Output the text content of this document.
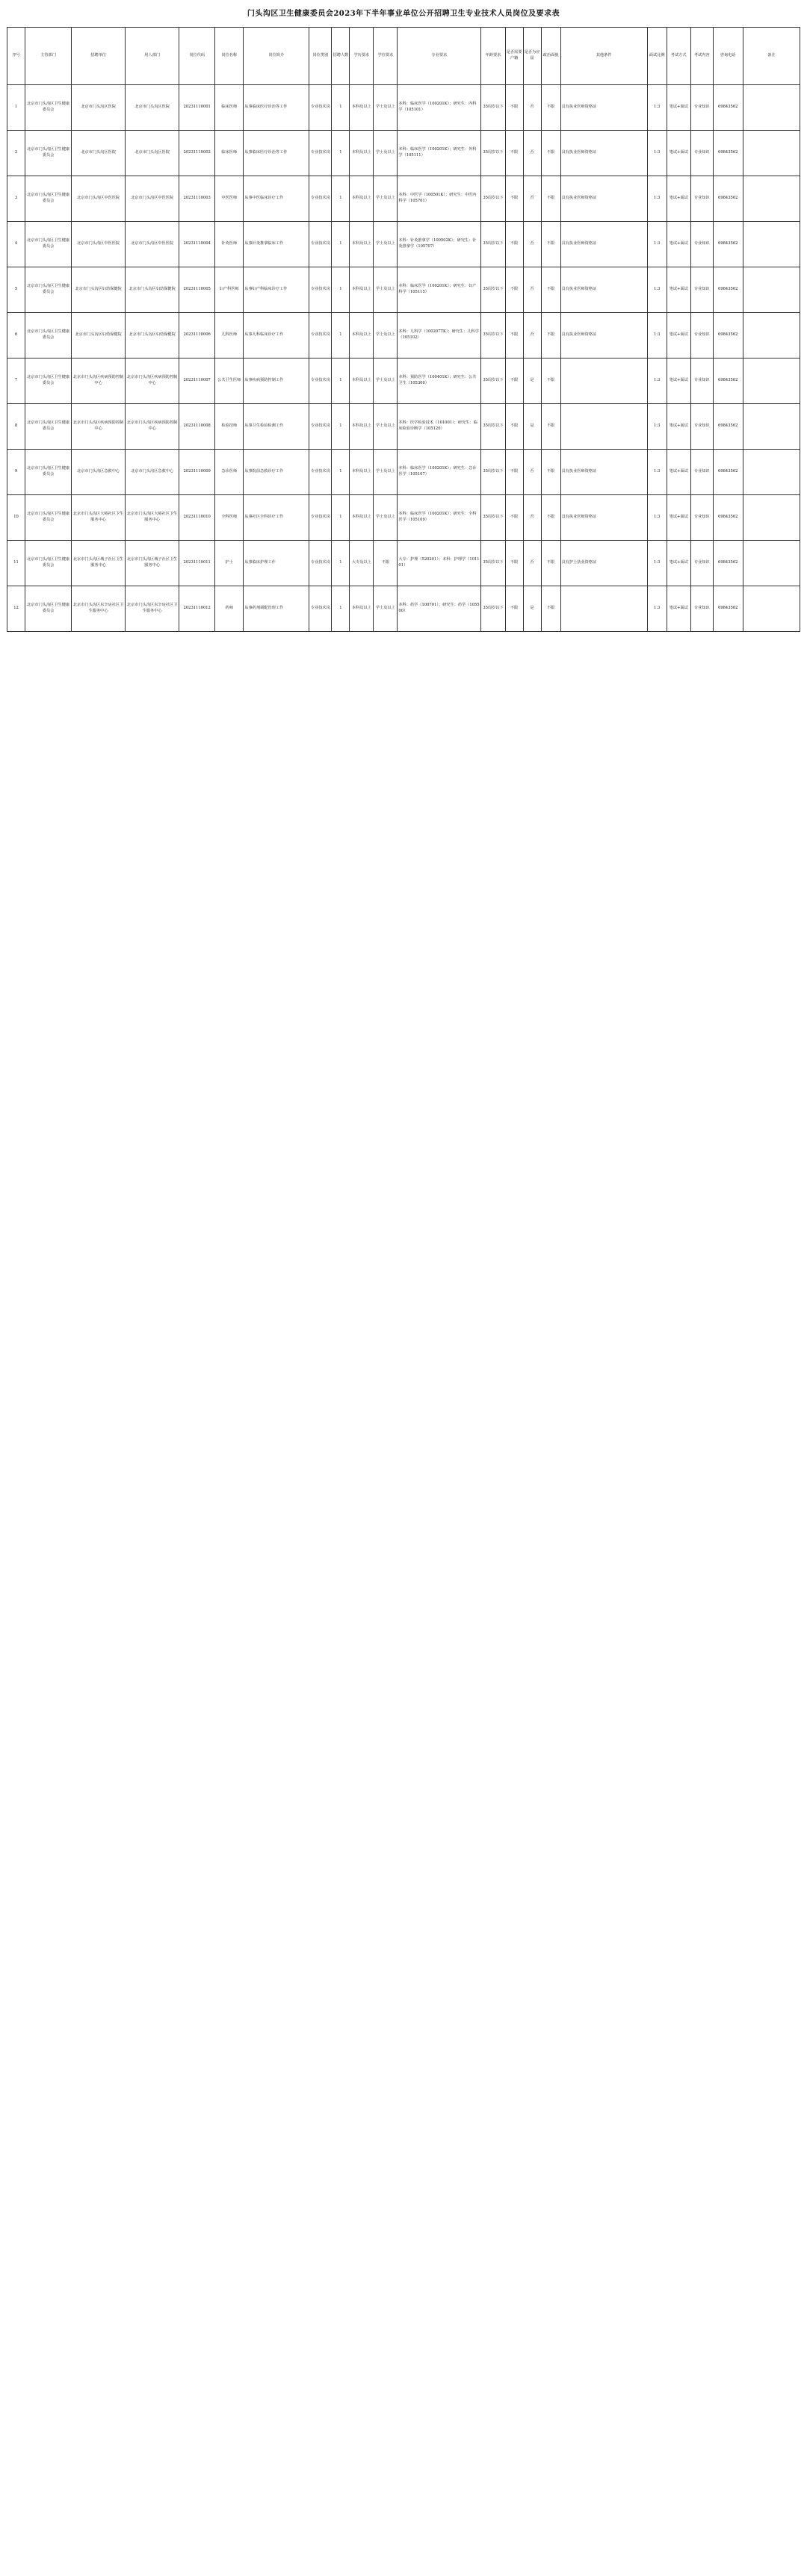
门头沟区卫生健康委员会2023年下半年事业单位公开招聘卫生专业技术人员岗位及要求表
序号	主管部门	招聘单位	用人部门	岗位代码	岗位名称	岗位简介	岗位类别	招聘人数	学历要求	学位要求	专业要求	年龄要求	是否需要户籍	是否为应届	政治面貌	其他条件	面试比例	考试方式	考试内容	咨询电话	备注
1	北京市门头沟区卫生健康委员会	北京市门头沟区医院	北京市门头沟区医院	20231110001	临床医师	从事临床医疗诊治等工作	专业技术岗	1	本科及以上	学士及以上	本科：临床医学（100201K）；研究生：内科学（105101）	35周岁以下	不限	否	不限	具有执业医师资格证	1:3	笔试+面试	专业知识	69843562	
2	北京市门头沟区卫生健康委员会	北京市门头沟区医院	北京市门头沟区医院	20231110002	临床医师	从事临床医疗诊治等工作	专业技术岗	1	本科及以上	学士及以上	本科：临床医学（100201K）；研究生：外科学（105111）	35周岁以下	不限	否	不限	具有执业医师资格证	1:3	笔试+面试	专业知识	69843562	
3	北京市门头沟区卫生健康委员会	北京市门头沟区中医医院	北京市门头沟区中医医院	20231110003	中医医师	从事中医临床诊疗工作	专业技术岗	1	本科及以上	学士及以上	本科：中医学（100501K）；研究生：中医内科学（105701）	35周岁以下	不限	否	不限	具有执业医师资格证	1:3	笔试+面试	专业知识	69843562	
4	北京市门头沟区卫生健康委员会	北京市门头沟区中医医院	北京市门头沟区中医医院	20231110004	针灸医师	从事针灸推拿临床工作	专业技术岗	1	本科及以上	学士及以上	本科：针灸推拿学（100502K）；研究生：针灸推拿学（105707）	35周岁以下	不限	否	不限	具有执业医师资格证	1:3	笔试+面试	专业知识	69843562	
5	北京市门头沟区卫生健康委员会	北京市门头沟区妇幼保健院	北京市门头沟区妇幼保健院	20231110005	妇产科医师	从事妇产科临床诊疗工作	专业技术岗	1	本科及以上	学士及以上	本科：临床医学（100201K）；研究生：妇产科学（105115）	35周岁以下	不限	否	不限	具有执业医师资格证	1:3	笔试+面试	专业知识	69843562	
6	北京市门头沟区卫生健康委员会	北京市门头沟区妇幼保健院	北京市门头沟区妇幼保健院	20231110006	儿科医师	从事儿科临床诊疗工作	专业技术岗	1	本科及以上	学士及以上	本科：儿科学（100207TK）；研究生：儿科学（105102）	35周岁以下	不限	否	不限	具有执业医师资格证	1:3	笔试+面试	专业知识	69843562	
7	北京市门头沟区卫生健康委员会	北京市门头沟区疾病预防控制中心	北京市门头沟区疾病预防控制中心	20231110007	公共卫生医师	从事疾病预防控制工作	专业技术岗	1	本科及以上	学士及以上	本科：预防医学（100401K）；研究生：公共卫生（105300）	35周岁以下	不限	是	不限		1:3	笔试+面试	专业知识	69843562	
8	北京市门头沟区卫生健康委员会	北京市门头沟区疾病预防控制中心	北京市门头沟区疾病预防控制中心	20231110008	检验技师	从事卫生检验检测工作	专业技术岗	1	本科及以上	学士及以上	本科：医学检验技术（101001）；研究生：临床检验诊断学（105120）	35周岁以下	不限	是	不限		1:3	笔试+面试	专业知识	69843562	
9	北京市门头沟区卫生健康委员会	北京市门头沟区急救中心	北京市门头沟区急救中心	20231110009	急诊医师	从事院前急救诊疗工作	专业技术岗	1	本科及以上	学士及以上	本科：临床医学（100201K）；研究生：急诊医学（105107）	35周岁以下	不限	否	不限	具有执业医师资格证	1:3	笔试+面试	专业知识	69843562	
10	北京市门头沟区卫生健康委员会	北京市门头沟区大峪社区卫生服务中心	北京市门头沟区大峪社区卫生服务中心	20231110010	全科医师	从事社区全科诊疗工作	专业技术岗	1	本科及以上	学士及以上	本科：临床医学（100201K）；研究生：全科医学（105109）	35周岁以下	不限	否	不限	具有执业医师资格证	1:3	笔试+面试	专业知识	69843562	
11	北京市门头沟区卫生健康委员会	北京市门头沟区城子社区卫生服务中心	北京市门头沟区城子社区卫生服务中心	20231110011	护士	从事临床护理工作	专业技术岗	1	大专及以上	不限	大专：护理（520201）；本科：护理学（101101）	35周岁以下	不限	否	不限	具有护士执业资格证	1:3	笔试+面试	专业知识	69843562	
12	北京市门头沟区卫生健康委员会	北京市门头沟区东辛房社区卫生服务中心	北京市门头沟区东辛房社区卫生服务中心	20231110012	药师	从事药剂调配管理工作	专业技术岗	1	本科及以上	学士及以上	本科：药学（100701）；研究生：药学（105500）	35周岁以下	不限	是	不限		1:3	笔试+面试	专业知识	69843562	
